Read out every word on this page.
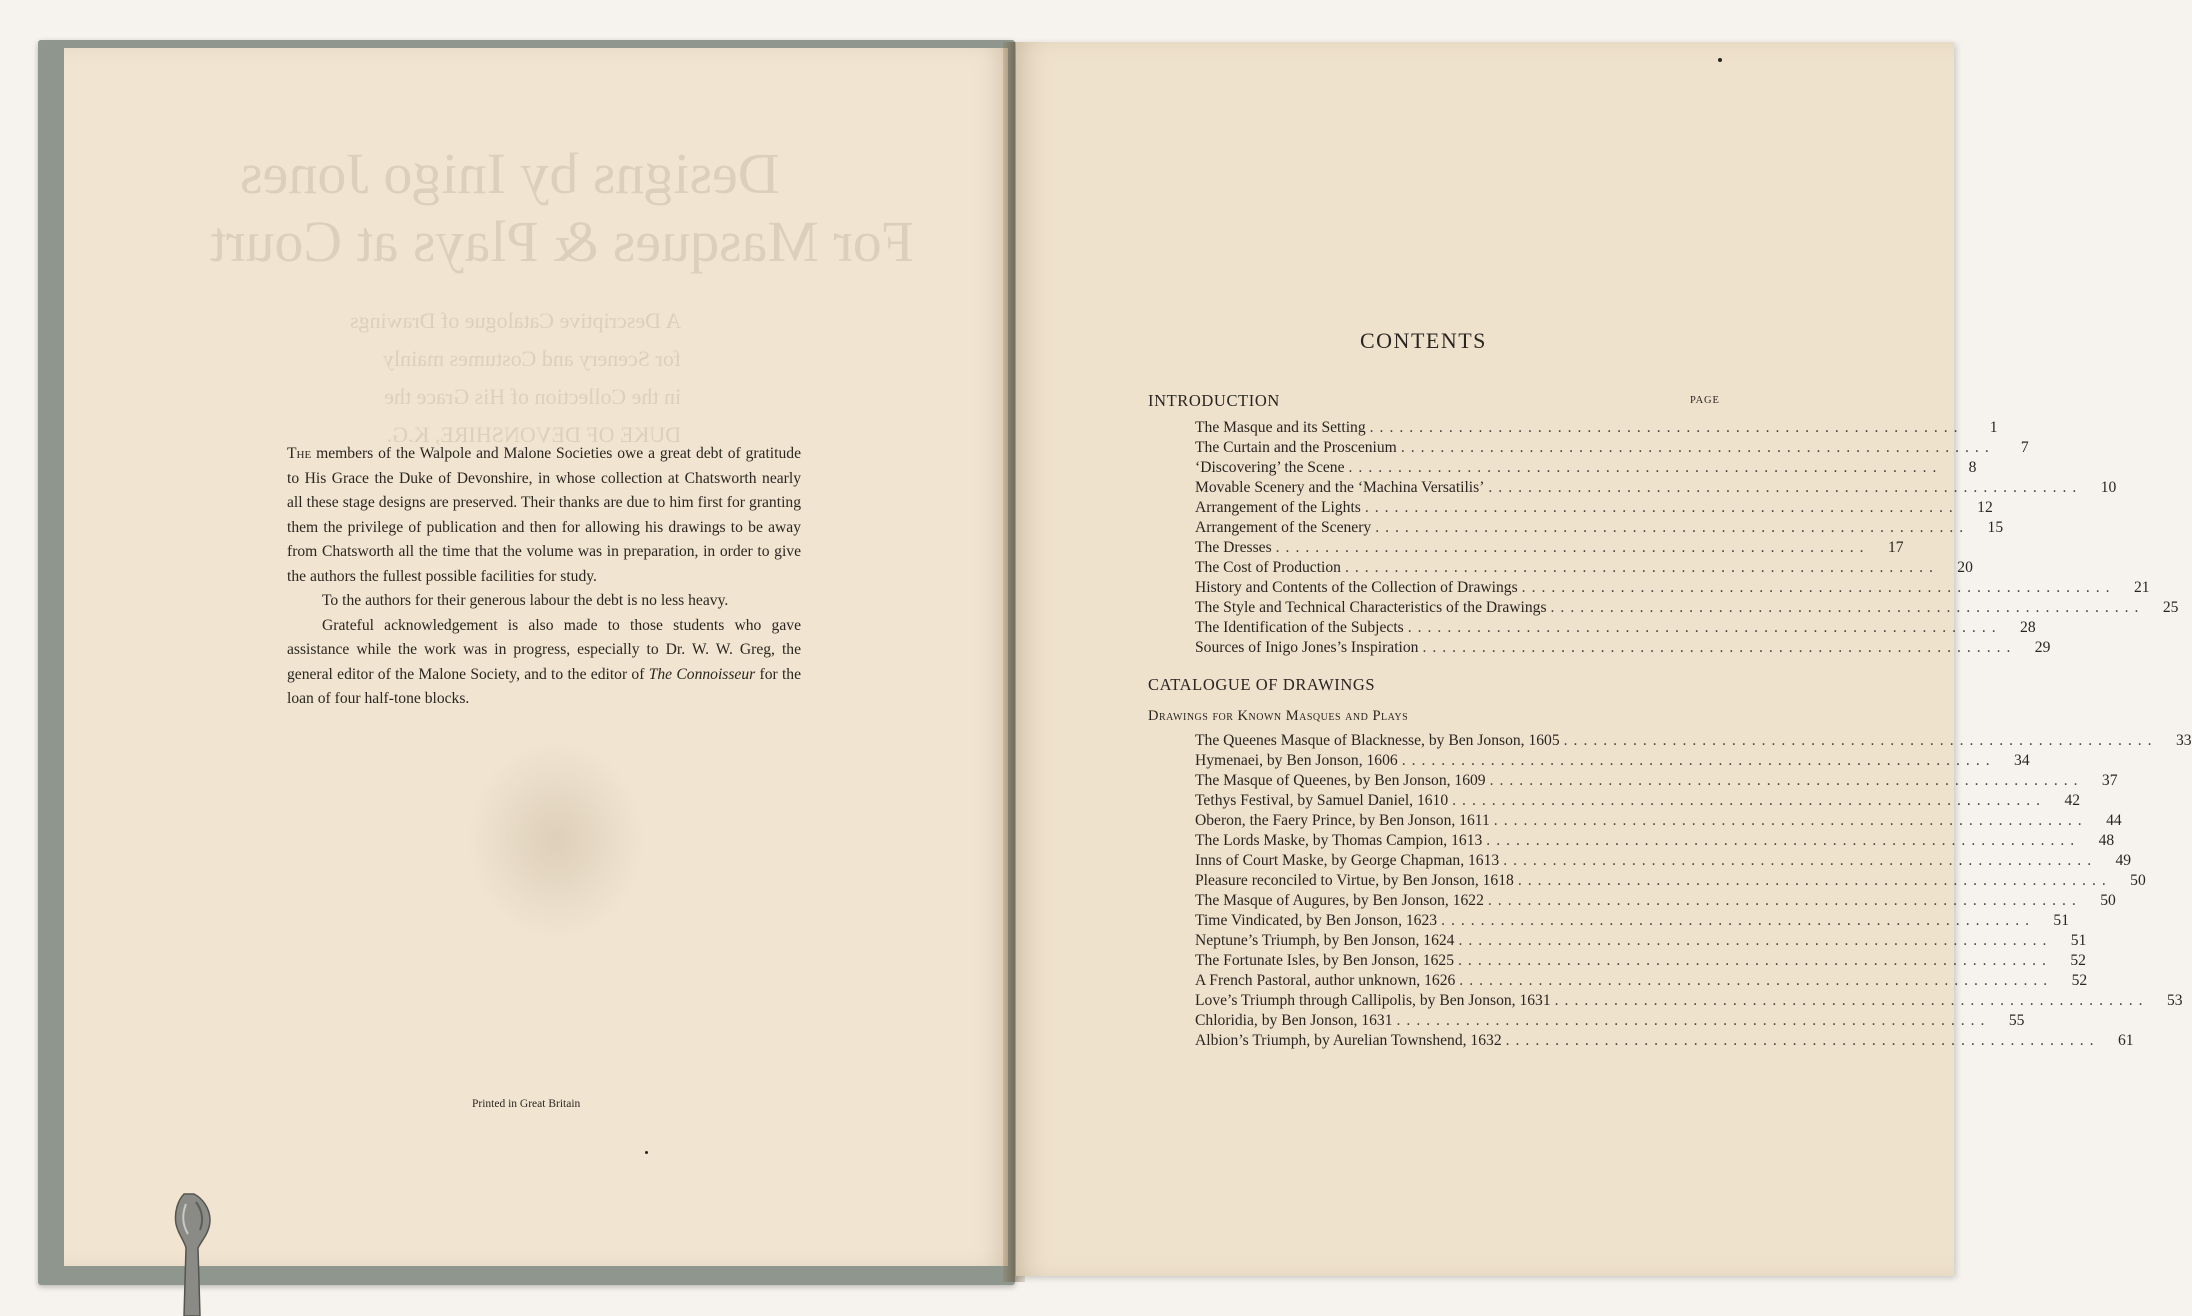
Designs by Inigo Jones
For Masques & Plays at Court
A Descriptive Catalogue of Drawings
for Scenery and Costumes mainly
in the Collection of His Grace the
DUKE OF DEVONSHIRE, K.G.

The members of the Walpole and Malone Societies owe a great debt of gratitude to His Grace the Duke of Devonshire, in whose collection at Chatsworth nearly all these stage designs are preserved. Their thanks are due to him first for granting them the privilege of publication and then for allowing his drawings to be away from Chatsworth all the time that the volume was in preparation, in order to give the authors the fullest possible facilities for study.

To the authors for their generous labour the debt is no less heavy.

Grateful acknowledgement is also made to those students who gave assistance while the work was in progress, especially to Dr. W. W. Greg, the general editor of the Malone Society, and to the editor of The Connoisseur for the loan of four half-tone blocks.

Printed in Great Britain
CONTENTS
PAGE
INTRODUCTION
The Masque and its Setting ............................................................	1
The Curtain and the Proscenium ............................................................	7
‘Discovering’ the Scene ............................................................	8
Movable Scenery and the ‘Machina Versatilis’ ............................................................	10
Arrangement of the Lights ............................................................	12
Arrangement of the Scenery ............................................................	15
The Dresses ............................................................	17
The Cost of Production ............................................................	20
History and Contents of the Collection of Drawings ............................................................	21
The Style and Technical Characteristics of the Drawings ............................................................	25
The Identification of the Subjects ............................................................	28
Sources of Inigo Jones’s Inspiration ............................................................	29
CATALOGUE OF DRAWINGS
Drawings for Known Masques and Plays
The Queenes Masque of Blacknesse, by Ben Jonson, 1605 ............................................................	33
Hymenaei, by Ben Jonson, 1606 ............................................................	34
The Masque of Queenes, by Ben Jonson, 1609 ............................................................	37
Tethys Festival, by Samuel Daniel, 1610 ............................................................	42
Oberon, the Faery Prince, by Ben Jonson, 1611 ............................................................	44
The Lords Maske, by Thomas Campion, 1613 ............................................................	48
Inns of Court Maske, by George Chapman, 1613 ............................................................	49
Pleasure reconciled to Virtue, by Ben Jonson, 1618 ............................................................	50
The Masque of Augures, by Ben Jonson, 1622 ............................................................	50
Time Vindicated, by Ben Jonson, 1623 ............................................................	51
Neptune’s Triumph, by Ben Jonson, 1624 ............................................................	51
The Fortunate Isles, by Ben Jonson, 1625 ............................................................	52
A French Pastoral, author unknown, 1626 ............................................................	52
Love’s Triumph through Callipolis, by Ben Jonson, 1631 ............................................................	53
Chloridia, by Ben Jonson, 1631 ............................................................	55
Albion’s Triumph, by Aurelian Townshend, 1632 ............................................................	61
